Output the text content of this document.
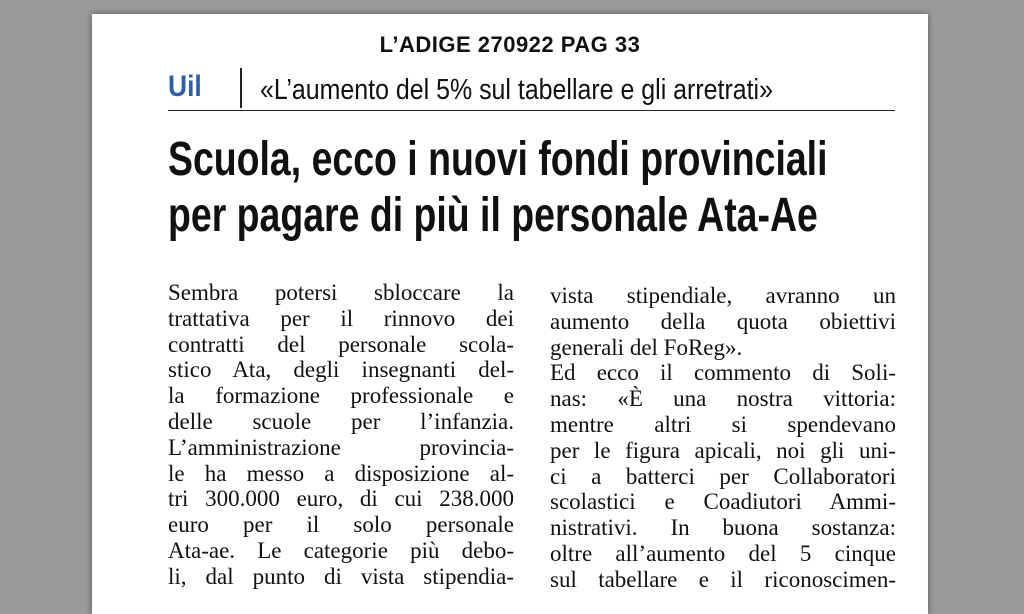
L’ADIGE 270922 PAG 33
Uil «L’aumento del 5% sul tabellare e gli arretrati»
Scuola, ecco i nuovi fondi provinciali
per pagare di più il personale Ata-Ae
Sembra potersi sbloccare la
trattativa per il rinnovo dei
contratti del personale scola-
stico Ata, degli insegnanti del-
la formazione professionale e
delle scuole per l’infanzia.
L’amministrazione provincia-
le ha messo a disposizione al-
tri 300.000 euro, di cui 238.000
euro per il solo personale
Ata-ae. Le categorie più debo-
li, dal punto di vista stipendia-
vista stipendiale, avranno un
aumento della quota obiettivi
generali del FoReg».
Ed ecco il commento di Soli-
nas: «È una nostra vittoria:
mentre altri si spendevano
per le figura apicali, noi gli uni-
ci a batterci per Collaboratori
scolastici e Coadiutori Ammi-
nistrativi. In buona sostanza:
oltre all’aumento del 5 cinque
sul tabellare e il riconoscimen-
